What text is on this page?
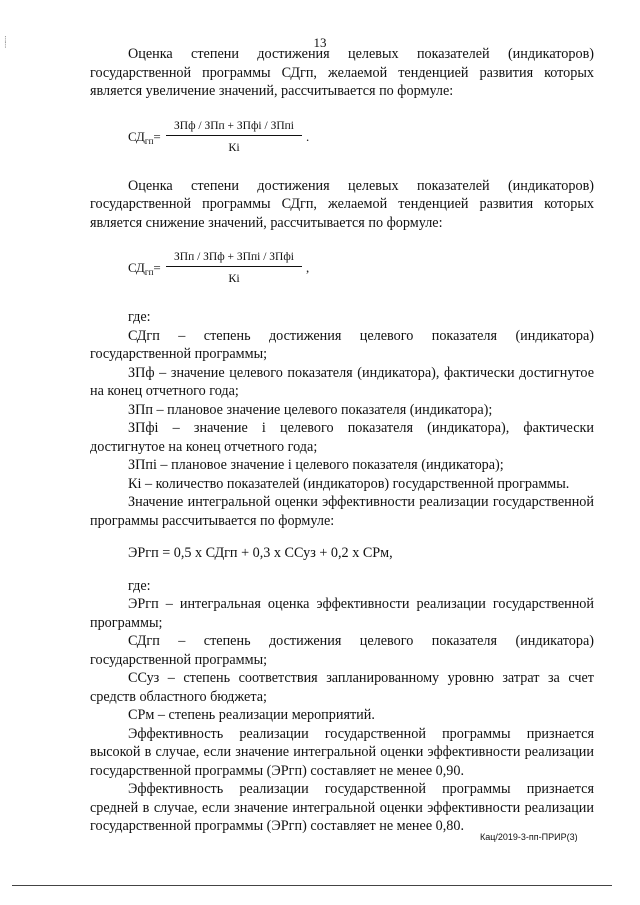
⁝
⁝	13

Оценка степени достижения целевых показателей (индикаторов) государственной программы СДгп, желаемой тенденцией развития которых является увеличение значений, рассчитывается по формуле:

$СД_{гп}=$
ЗПф / ЗПп + ЗПфi / ЗПпi
Кi
.

Оценка степени достижения целевых показателей (индикаторов) государственной программы СДгп, желаемой тенденцией развития которых является снижение значений, рассчитывается по формуле:

$СД_{гп}=$
ЗПп / ЗПф + ЗПпi / ЗПфi
Кi
,

где:

СДгп – степень достижения целевого показателя (индикатора) государственной программы;

ЗПф – значение целевого показателя (индикатора), фактически достигнутое на конец отчетного года;

ЗПп – плановое значение целевого показателя (индикатора);

ЗПфi – значение i целевого показателя (индикатора), фактически достигнутое на конец отчетного года;

ЗПпi – плановое значение i целевого показателя (индикатора);

Кi – количество показателей (индикаторов) государственной программы.

Значение интегральной оценки эффективности реализации государственной программы рассчитывается по формуле:

ЭРгп = 0,5 х СДгп + 0,3 х ССуз + 0,2 х СРм,

где:

ЭРгп – интегральная оценка эффективности реализации государственной программы;

СДгп – степень достижения целевого показателя (индикатора) государственной программы;

ССуз – степень соответствия запланированному уровню затрат за счет средств областного бюджета;

СРм – степень реализации мероприятий.

Эффективность реализации государственной программы признается высокой в случае, если значение интегральной оценки эффективности реализации государственной программы (ЭРгп) составляет не менее 0,90.

Эффективность реализации государственной программы признается средней в случае, если значение интегральной оценки эффективности реализации государственной программы (ЭРгп) составляет не менее 0,80.

Кац/2019-3-пп-ПРИР(3)
